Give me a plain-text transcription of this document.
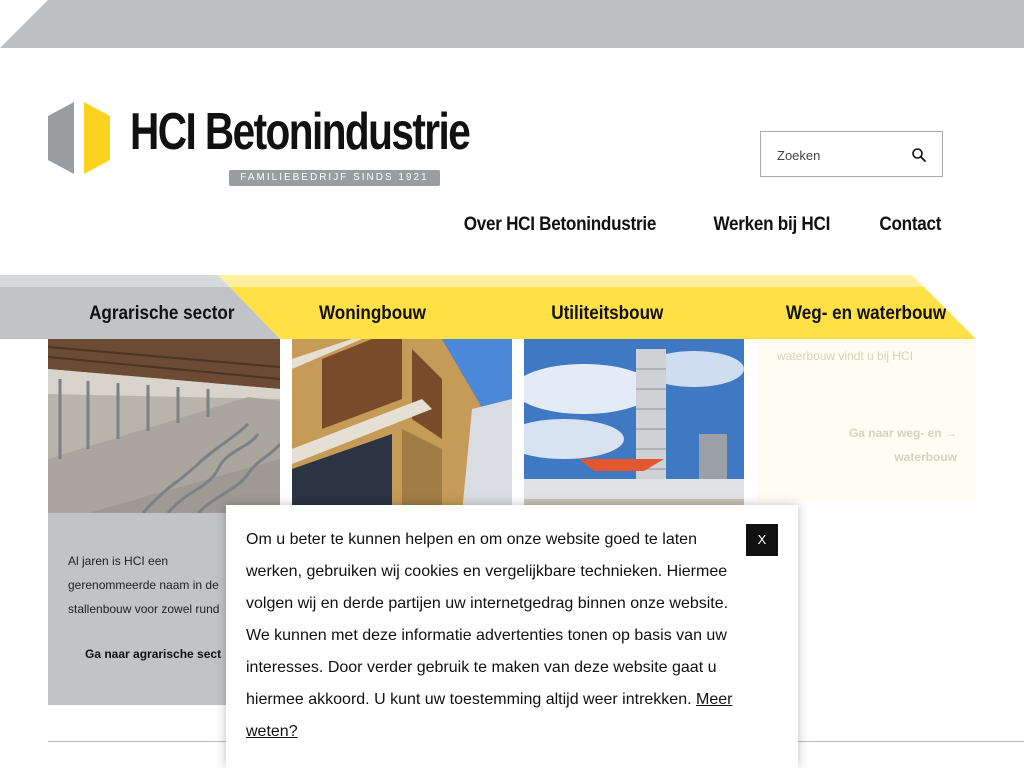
HCI Betonindustrie
FAMILIEBEDRIJF SINDS 1921
Zoeken
Over HCI Betonindustrie	Werken bij HCI	Contact
Agrarische sector	Woningbouw	Utiliteitsbouw	Weg- en waterbouw
waterbouw vindt u bij HCI
Ga naar weg- en →
waterbouw
Al jaren is HCI een
gerenommeerde naam in de
stallenbouw voor zowel rund
Ga naar agrarische sect
Om u beter te kunnen helpen en om onze website goed te laten werken, gebruiken wij cookies en vergelijkbare technieken. Hiermee volgen wij en derde partijen uw internetgedrag binnen onze website. We kunnen met deze informatie advertenties tonen op basis van uw interesses. Door verder gebruik te maken van deze website gaat u hiermee akkoord. U kunt uw toestemming altijd weer intrekken. Meer weten?
X
